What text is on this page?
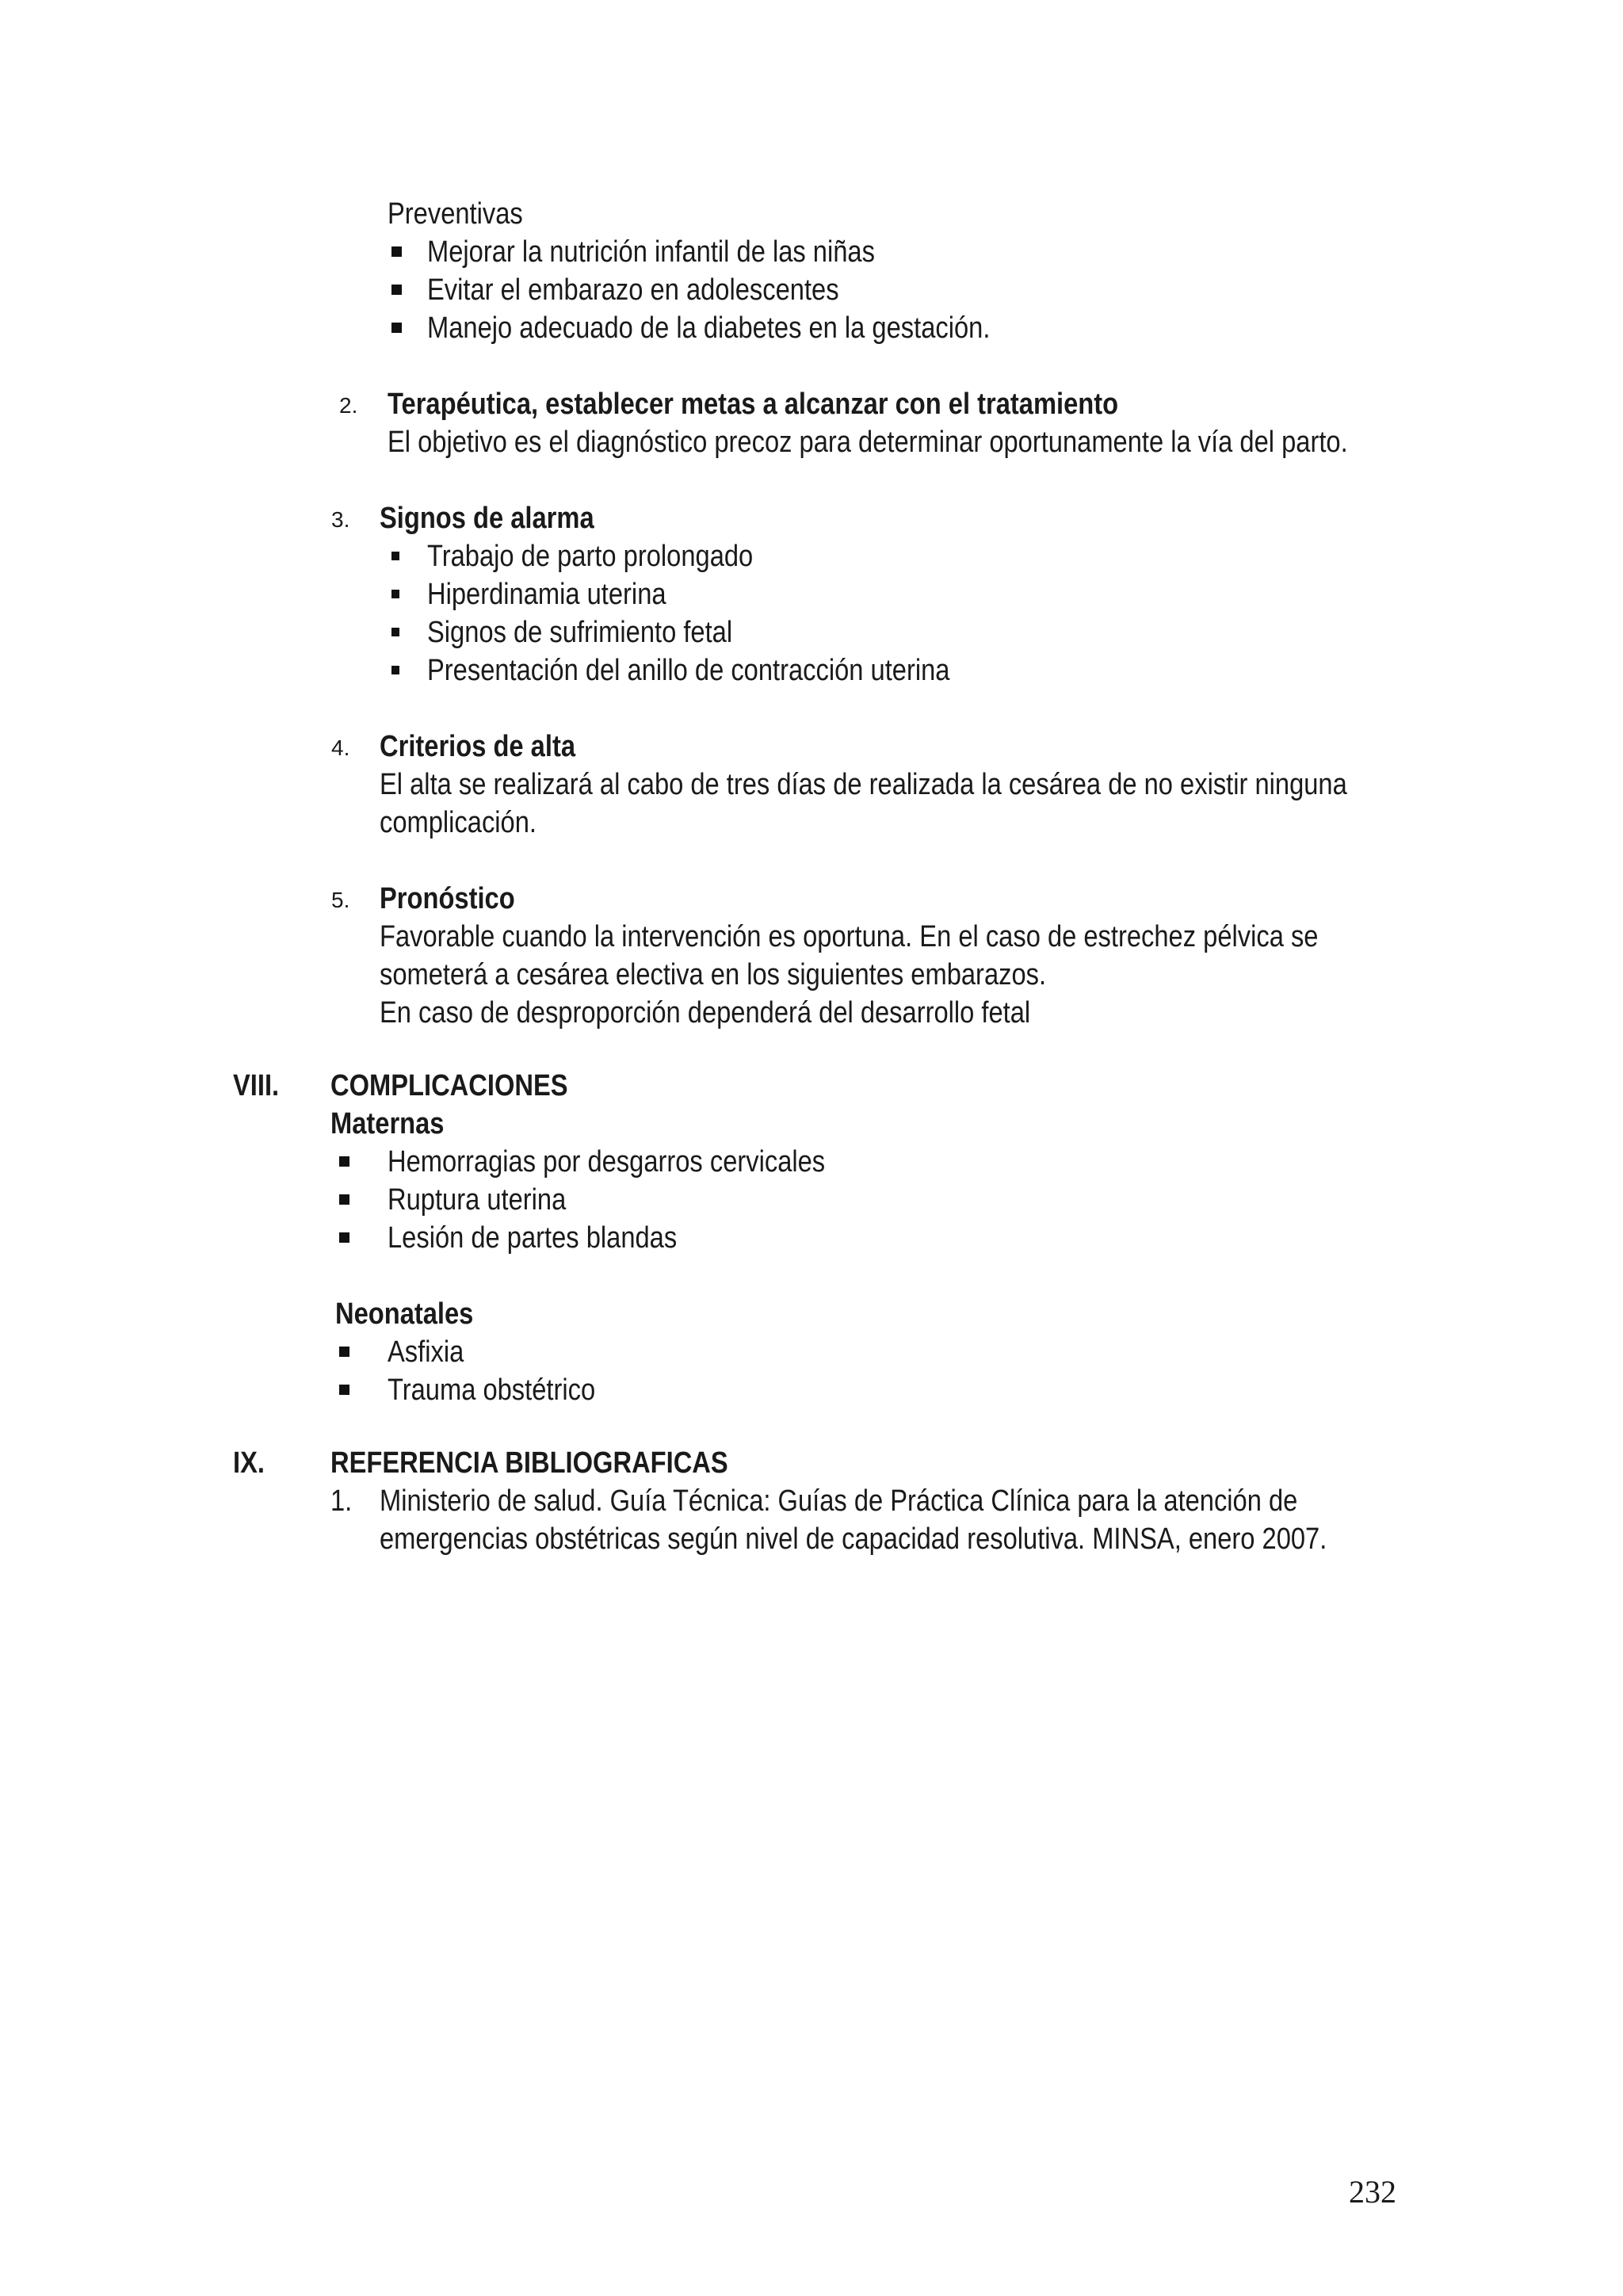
Preventivas
Mejorar la nutrición infantil de las niñas
Evitar el embarazo en adolescentes
Manejo adecuado de la diabetes en la gestación.
2. Terapéutica, establecer metas a alcanzar con el tratamiento
El objetivo es el diagnóstico precoz para determinar oportunamente la vía del parto.
3. Signos de alarma
Trabajo de parto prolongado
Hiperdinamia uterina
Signos de sufrimiento fetal
Presentación del anillo de contracción uterina
4. Criterios de alta
El alta se realizará al cabo de tres días de realizada la cesárea de no existir ninguna
complicación.
5. Pronóstico
Favorable cuando la intervención es oportuna. En el caso de estrechez pélvica se
someterá a cesárea electiva en los siguientes embarazos.
En caso de desproporción dependerá del desarrollo fetal
VIII. COMPLICACIONES
Maternas
Hemorragias por desgarros cervicales
Ruptura uterina
Lesión de partes blandas
Neonatales
Asfixia
Trauma obstétrico
IX. REFERENCIA BIBLIOGRAFICAS
1. Ministerio de salud. Guía Técnica: Guías de Práctica Clínica para la atención de
emergencias obstétricas según nivel de capacidad resolutiva. MINSA, enero 2007.
232
